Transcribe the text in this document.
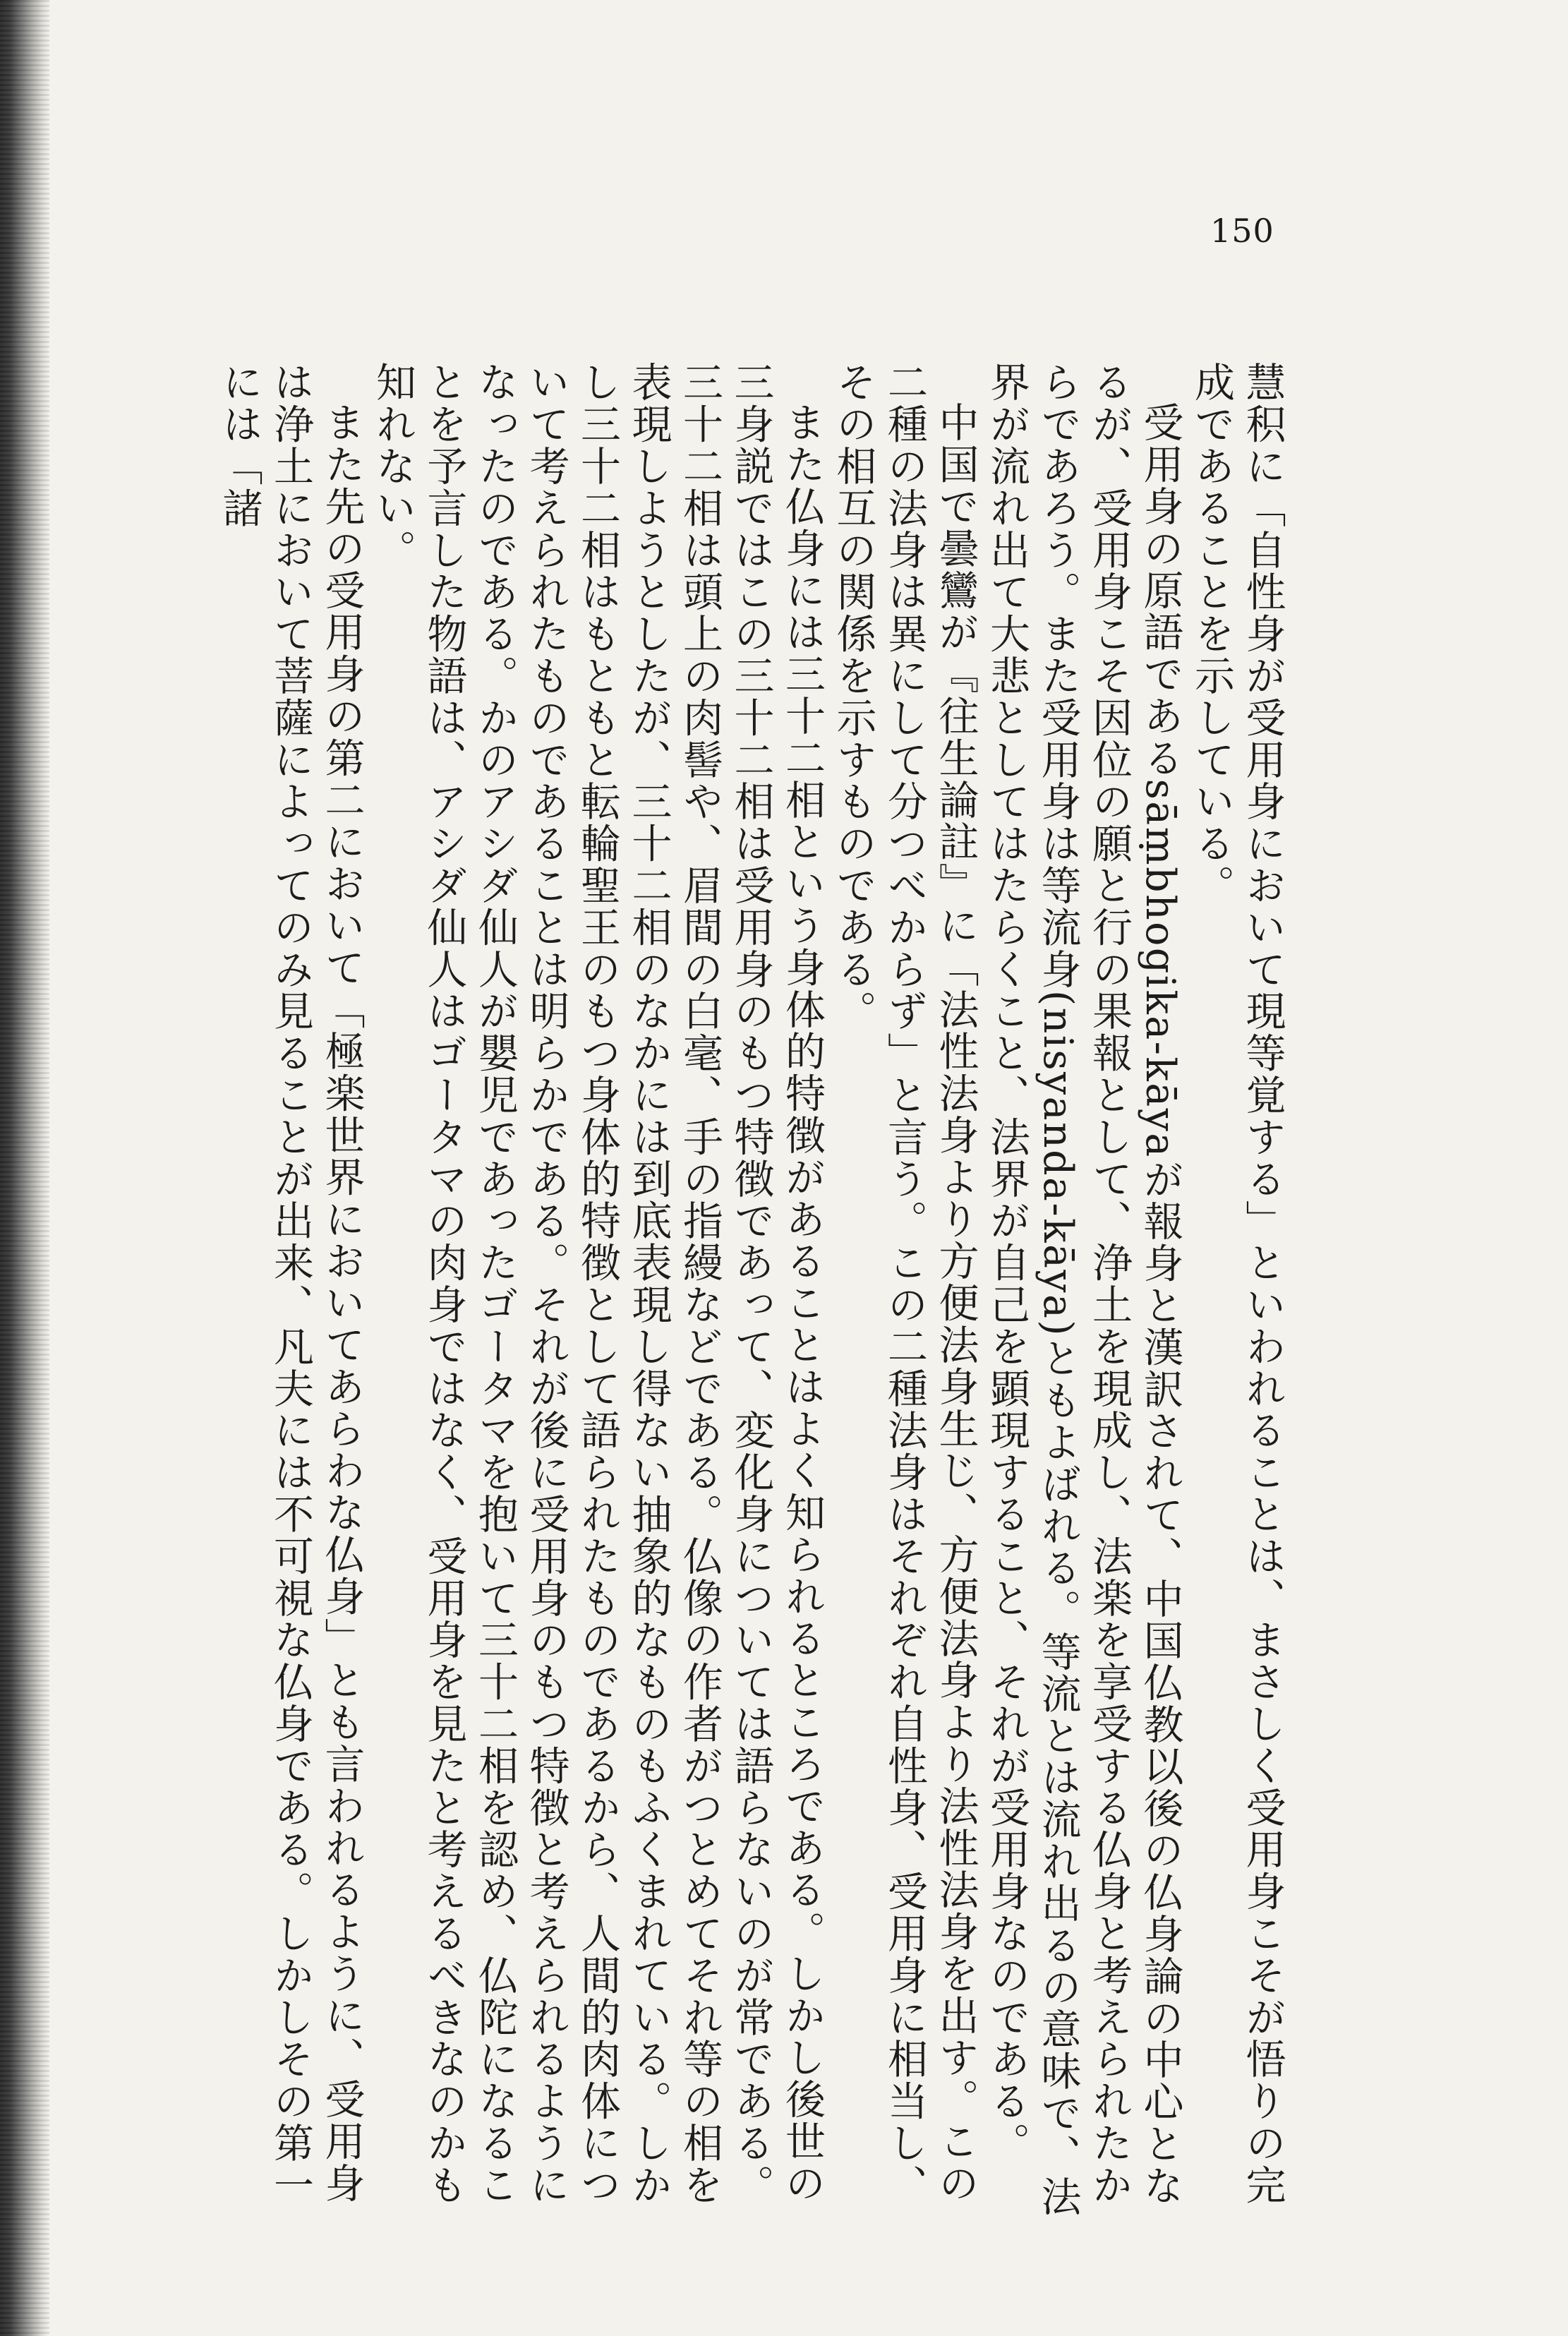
150

慧积に「自性身が受用身において現等覚する」といわれることは、まさしく受用身こそが悟りの完成であることを示している。

受用身の原語であるsāṃbhogika-kāyaが報身と漢訳されて、中国仏教以後の仏身論の中心となるが、受用身こそ因位の願と行の果報として、浄土を現成し、法楽を享受する仏身と考えられたからであろう。また受用身は等流身(nisyanda-kāya)ともよばれる。等流とは流れ出るの意味で、法界が流れ出て大悲としてはたらくこと、法界が自己を顕現すること、それが受用身なのである。

中国で曇鸞が『往生論註』に「法性法身より方便法身生じ、方便法身より法性法身を出す。この二種の法身は異にして分つべからず」と言う。この二種法身はそれぞれ自性身、受用身に相当し、その相互の関係を示すものである。

また仏身には三十二相という身体的特徴があることはよく知られるところである。しかし後世の三身説ではこの三十二相は受用身のもつ特徴であって、変化身については語らないのが常である。三十二相は頭上の肉髻や、眉間の白毫、手の指縵などである。仏像の作者がつとめてそれ等の相を表現しようとしたが、三十二相のなかには到底表現し得ない抽象的なものもふくまれている。しかし三十二相はもともと転輪聖王のもつ身体的特徴として語られたものであるから、人間的肉体について考えられたものであることは明らかである。それが後に受用身のもつ特徴と考えられるようになったのである。かのアシダ仙人が嬰児であったゴータマを抱いて三十二相を認め、仏陀になることを予言した物語は、アシダ仙人はゴータマの肉身ではなく、受用身を見たと考えるべきなのかも知れない。

また先の受用身の第二において「極楽世界においてあらわな仏身」とも言われるように、受用身は浄土において菩薩によってのみ見ることが出来、凡夫には不可視な仏身である。しかしその第一には「諸
